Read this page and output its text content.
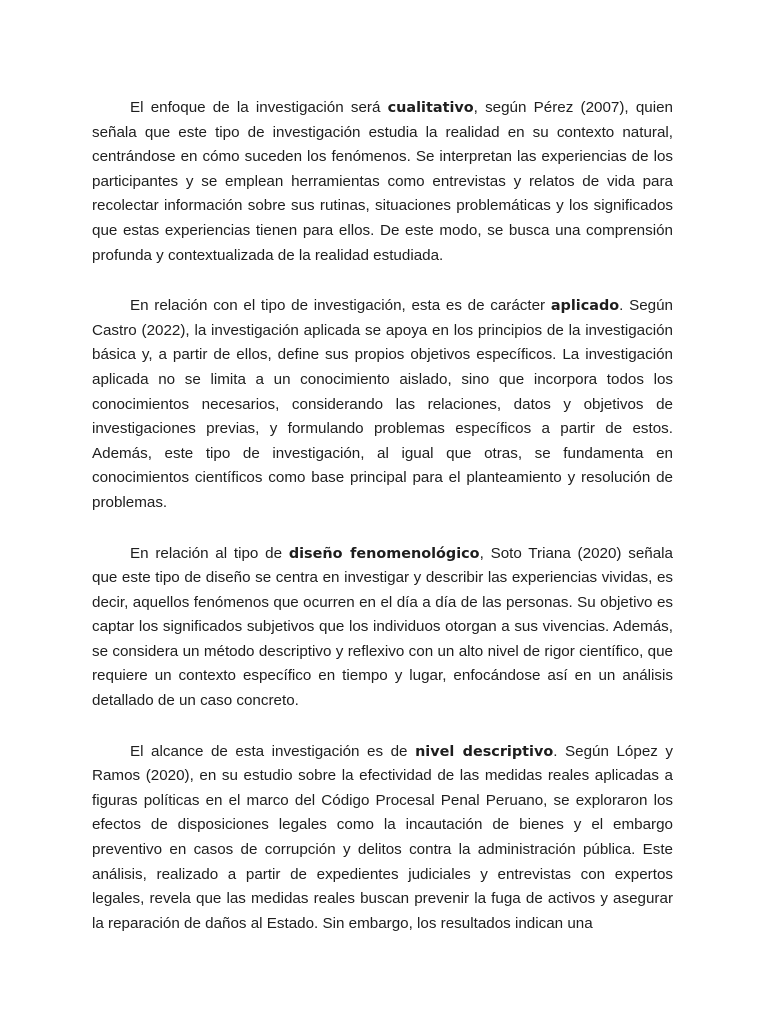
El enfoque de la investigación será cualitativo, según Pérez (2007), quien señala que este tipo de investigación estudia la realidad en su contexto natural, centrándose en cómo suceden los fenómenos. Se interpretan las experiencias de los participantes y se emplean herramientas como entrevistas y relatos de vida para recolectar información sobre sus rutinas, situaciones problemáticas y los significados que estas experiencias tienen para ellos. De este modo, se busca una comprensión profunda y contextualizada de la realidad estudiada.

En relación con el tipo de investigación, esta es de carácter aplicado. Según Castro (2022), la investigación aplicada se apoya en los principios de la investigación básica y, a partir de ellos, define sus propios objetivos específicos. La investigación aplicada no se limita a un conocimiento aislado, sino que incorpora todos los conocimientos necesarios, considerando las relaciones, datos y objetivos de investigaciones previas, y formulando problemas específicos a partir de estos. Además, este tipo de investigación, al igual que otras, se fundamenta en conocimientos científicos como base principal para el planteamiento y resolución de problemas.

En relación al tipo de diseño fenomenológico, Soto Triana (2020) señala que este tipo de diseño se centra en investigar y describir las experiencias vividas, es decir, aquellos fenómenos que ocurren en el día a día de las personas. Su objetivo es captar los significados subjetivos que los individuos otorgan a sus vivencias. Además, se considera un método descriptivo y reflexivo con un alto nivel de rigor científico, que requiere un contexto específico en tiempo y lugar, enfocándose así en un análisis detallado de un caso concreto.

El alcance de esta investigación es de nivel descriptivo. Según López y Ramos (2020), en su estudio sobre la efectividad de las medidas reales aplicadas a figuras políticas en el marco del Código Procesal Penal Peruano, se exploraron los efectos de disposiciones legales como la incautación de bienes y el embargo preventivo en casos de corrupción y delitos contra la administración pública. Este análisis, realizado a partir de expedientes judiciales y entrevistas con expertos legales, revela que las medidas reales buscan prevenir la fuga de activos y asegurar la reparación de daños al Estado. Sin embargo, los resultados indican una
